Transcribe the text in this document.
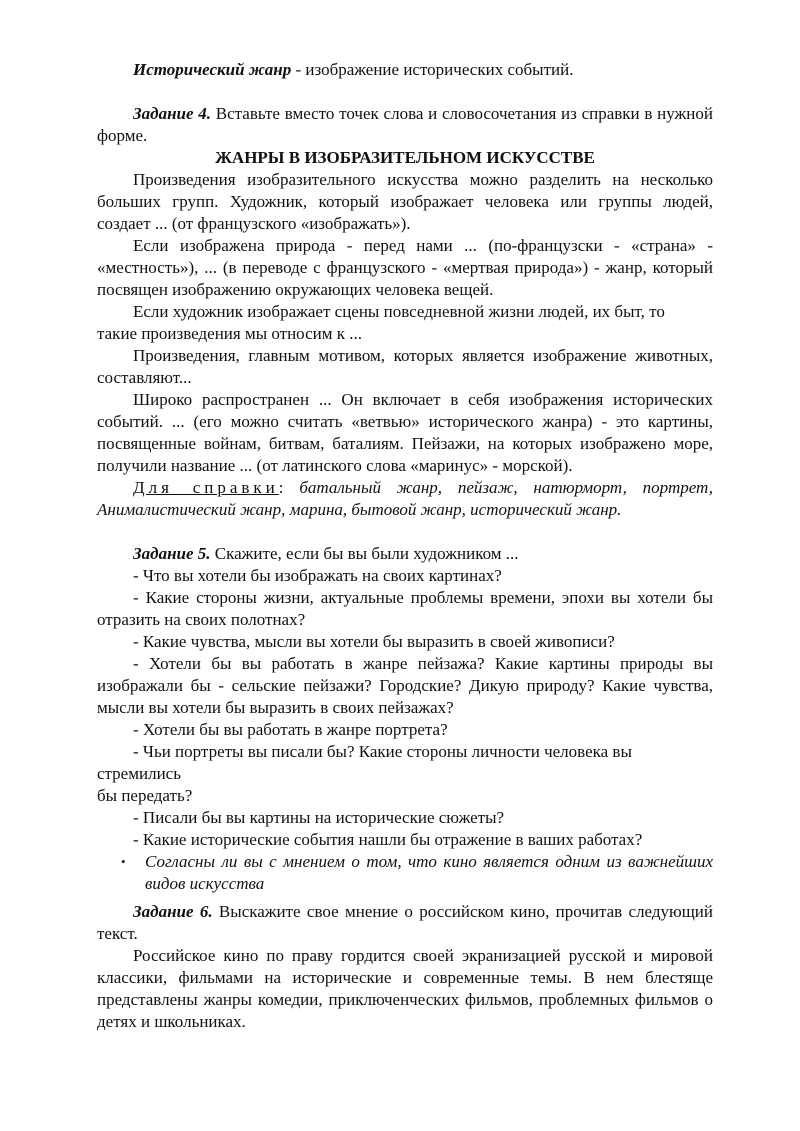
Исторический жанр - изображение исторических событий.

Задание 4. Вставьте вместо точек слова и словосочетания из справки в нужной форме.

ЖАНРЫ В ИЗОБРАЗИТЕЛЬНОМ ИСКУССТВЕ

Произведения изобразительного искусства можно разделить на несколько больших групп. Художник, который изображает человека или группы людей, создает ... (от французского «изображать»).

Если изображена природа - перед нами ... (по-французски - «страна» - «местность»), ... (в переводе с французского - «мертвая природа») - жанр, который посвящен изображению окружающих человека вещей.

Если художник изображает сцены повседневной жизни людей, их быт, то

такие произведения мы относим к ...

Произведения, главным мотивом, которых является изображение животных, составляют...

Широко распространен ... Он включает в себя изображения исторических событий. ... (его можно считать «ветвью» исторического жанра) - это картины, посвященные войнам, битвам, баталиям. Пейзажи, на которых изображено море, получили название ... (от латинского слова «маринус» - морской).

Для справки: батальный жанр, пейзаж, натюрморт, портрет, Анималистический жанр, марина, бытовой жанр, исторический жанр.

Задание 5. Скажите, если бы вы были художником ...

- Что вы хотели бы изображать на своих картинах?

- Какие стороны жизни, актуальные проблемы времени, эпохи вы хотели бы отразить на своих полотнах?

- Какие чувства, мысли вы хотели бы выразить в своей живописи?

- Хотели бы вы работать в жанре пейзажа? Какие картины природы вы изображали бы - сельские пейзажи? Городские? Дикую природу? Какие чувства, мысли вы хотели бы выразить в своих пейзажах?

- Хотели бы вы работать в жанре портрета?

- Чьи портреты вы писали бы? Какие стороны личности человека вы стремились

бы передать?

- Писали бы вы картины на исторические сюжеты?

- Какие исторические события нашли бы отражение в ваших работах?

• Согласны ли вы с мнением о том, что кино является одним из важнейших видов искусства

Задание 6. Выскажите свое мнение о российском кино, прочитав следующий текст.

Российское кино по праву гордится своей экранизацией русской и мировой классики, фильмами на исторические и современные темы. В нем блестяще представлены жанры комедии, приключенческих фильмов, проблемных фильмов о детях и школьниках.
